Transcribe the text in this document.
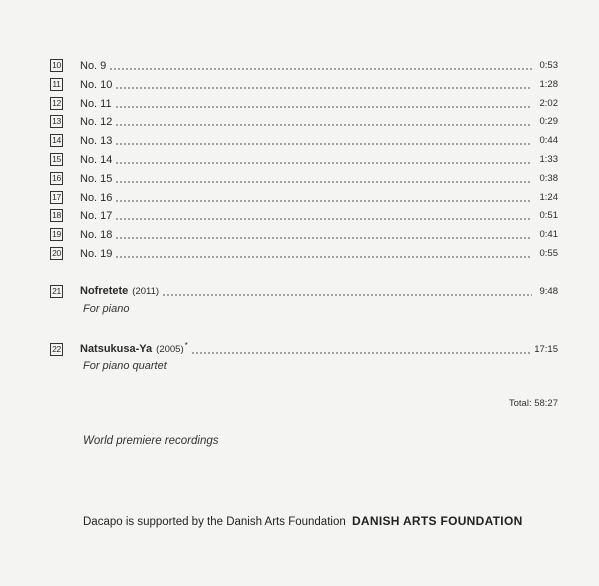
10 No. 9	0:53
11 No. 10	1:28
12 No. 11	2:02
13 No. 12	0:29
14 No. 13	0:44
15 No. 14	1:33
16 No. 15	0:38
17 No. 16	1:24
18 No. 17	0:51
19 No. 18	0:41
20 No. 19	0:55
21 Nofretete (2011)	9:48
For piano
22 Natsukusa-Ya (2005)*	17:15
For piano quartet
Total: 58:27
World premiere recordings
Dacapo is supported by the Danish Arts Foundation DANISH ARTS FOUNDATION
